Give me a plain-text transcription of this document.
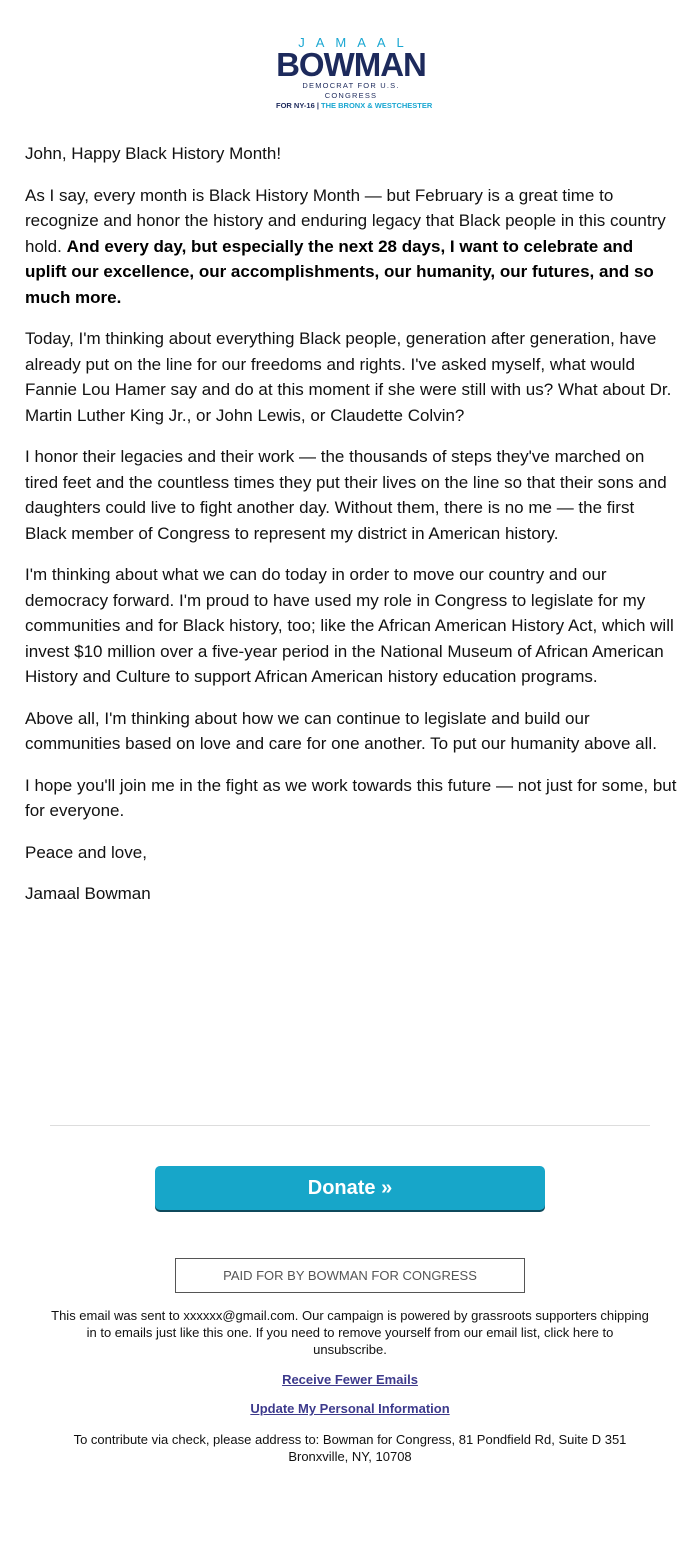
JAMAAL
BOWMAN
DEMOCRAT FOR U.S. CONGRESS
FOR NY-16 | THE BRONX & WESTCHESTER

John, Happy Black History Month!

As I say, every month is Black History Month — but February is a great time to recognize and honor the history and enduring legacy that Black people in this country hold. And every day, but especially the next 28 days, I want to celebrate and uplift our excellence, our accomplishments, our humanity, our futures, and so much more.

Today, I'm thinking about everything Black people, generation after generation, have already put on the line for our freedoms and rights. I've asked myself, what would Fannie Lou Hamer say and do at this moment if she were still with us? What about Dr. Martin Luther King Jr., or John Lewis, or Claudette Colvin?

I honor their legacies and their work — the thousands of steps they've marched on tired feet and the countless times they put their lives on the line so that their sons and daughters could live to fight another day. Without them, there is no me — the first Black member of Congress to represent my district in American history.

I'm thinking about what we can do today in order to move our country and our democracy forward. I'm proud to have used my role in Congress to legislate for my communities and for Black history, too; like the African American History Act, which will invest $10 million over a five-year period in the National Museum of African American History and Culture to support African American history education programs.

Above all, I'm thinking about how we can continue to legislate and build our communities based on love and care for one another. To put our humanity above all.

I hope you'll join me in the fight as we work towards this future — not just for some, but for everyone.

Peace and love,

Jamaal Bowman

Donate »
PAID FOR BY BOWMAN FOR CONGRESS

This email was sent to xxxxxx@gmail.com. Our campaign is powered by grassroots supporters chipping in to emails just like this one. If you need to remove yourself from our email list, click here to unsubscribe.

Receive Fewer Emails
Update My Personal Information
To contribute via check, please address to: Bowman for Congress, 81 Pondfield Rd, Suite D 351 Bronxville, NY, 10708
